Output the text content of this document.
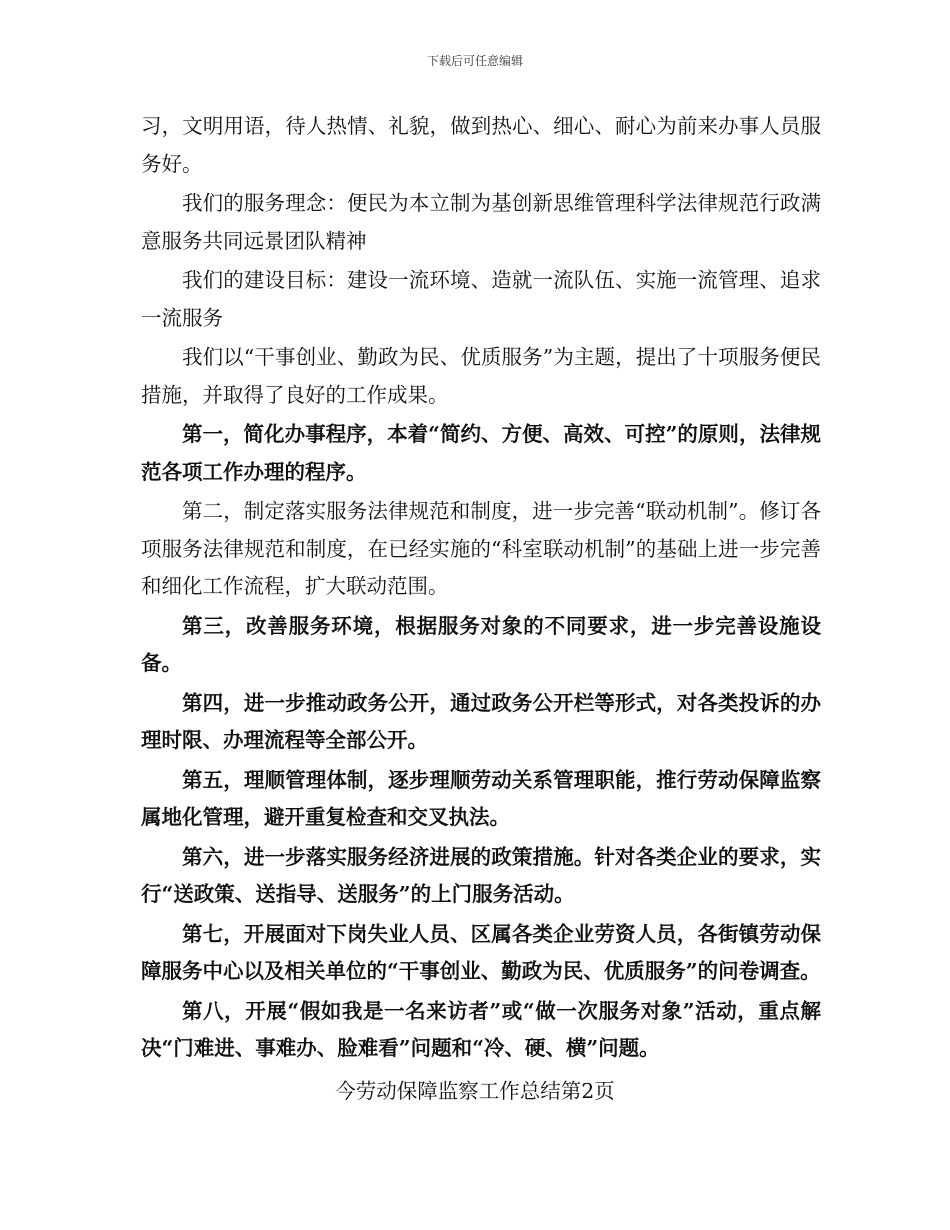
下载后可任意编辑

习，文明用语，待人热情、礼貌，做到热心、细心、耐心为前来办事人员服务好。

我们的服务理念：便民为本立制为基创新思维管理科学法律规范行政满意服务共同远景团队精神

我们的建设目标：建设一流环境、造就一流队伍、实施一流管理、追求一流服务

我们以“干事创业、勤政为民、优质服务”为主题，提出了十项服务便民措施，并取得了良好的工作成果。

第一，简化办事程序，本着“简约、方便、高效、可控”的原则，法律规范各项工作办理的程序。

第二，制定落实服务法律规范和制度，进一步完善“联动机制”。修订各项服务法律规范和制度，在已经实施的“科室联动机制”的基础上进一步完善和细化工作流程，扩大联动范围。

第三，改善服务环境，根据服务对象的不同要求，进一步完善设施设备。

第四，进一步推动政务公开，通过政务公开栏等形式，对各类投诉的办理时限、办理流程等全部公开。

第五，理顺管理体制，逐步理顺劳动关系管理职能，推行劳动保障监察属地化管理，避开重复检查和交叉执法。

第六，进一步落实服务经济进展的政策措施。针对各类企业的要求，实行“送政策、送指导、送服务”的上门服务活动。

第七，开展面对下岗失业人员、区属各类企业劳资人员，各街镇劳动保障服务中心以及相关单位的“干事创业、勤政为民、优质服务”的问卷调查。

第八，开展“假如我是一名来访者”或“做一次服务对象”活动，重点解决“门难进、事难办、脸难看”问题和“冷、硬、横”问题。

今劳动保障监察工作总结第2页
